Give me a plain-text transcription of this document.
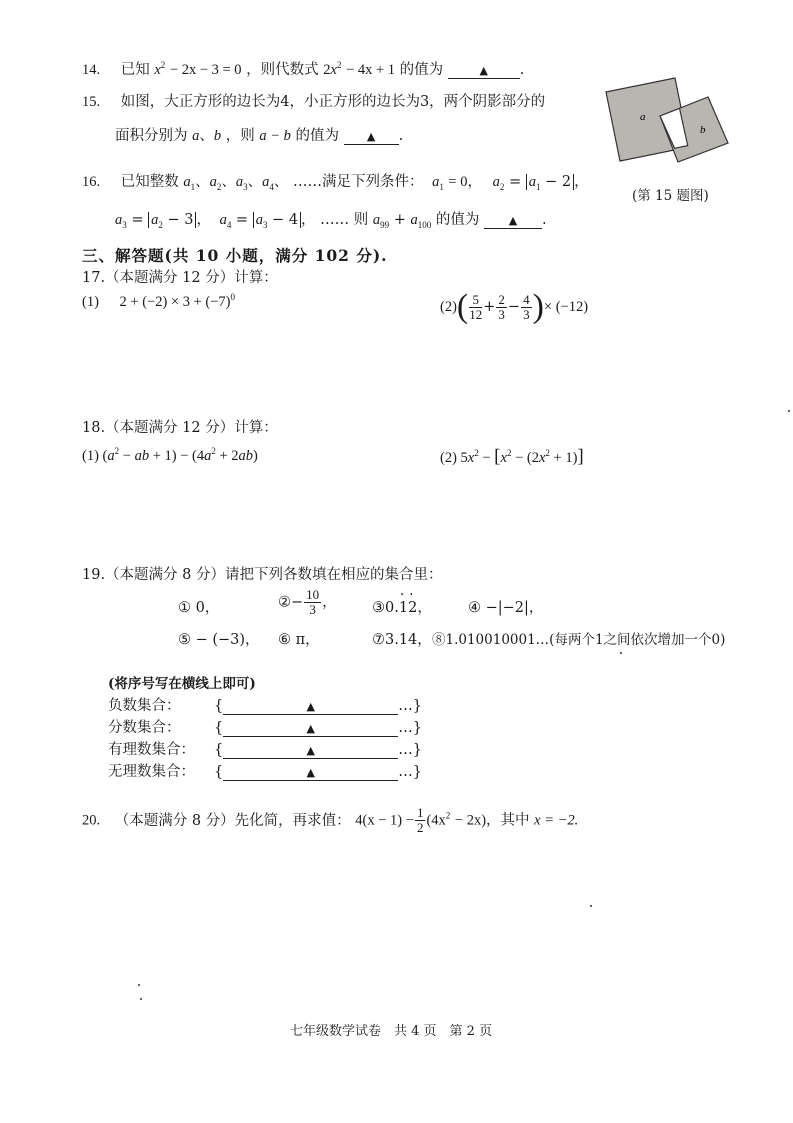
14. 已知 $x^2 - 2x - 3 = 0$ ，则代数式 $2x^2 - 4x + 1$ 的值为	▲ .
15. 如图，大正方形的边长为4，小正方形的边长为3，两个阴影部分的
面积分别为 a、b ，则 a − b 的值为	▲ .
a
b
(第 15 题图)
16. 已知整数 $a_1$、$a_2$、$a_3$、$a_4$、 ……满足下列条件： $a_1 = 0$， $a_2 = a_1 - 2$ ，
$a_3 = a_2 - 3$ ， $a_4 = a_3 - 4$ ， …… 则 $a_{99} + a_{100}$ 的值为	▲ .
三、解答题(共 10 小题，满分 102 分).
17.（本题满分 12 分）计算：
(1) $2 + (-2) \times 3 + (-7)^0$
$(2)( \frac{5}{12} + \frac{2}{3} - \frac{4}{3}$ )× (−12)
18.（本题满分 12 分）计算：
(1) ($a^2$ − ab + $1) - (4a^2 + 2ab)$	(2) $5x^2 - [x^2 - (2x^2 + 1)]$
19.（本题满分 8 分）请把下列各数填在相应的集合里：
① 0，	②− $\frac{10}{3}$ ， ③0.· 1· 2， ④ −|−2|，
⑤ − (−3)， ⑥ π，	⑦3.14， ⑧1.010010001…(每两个1之间依次增加一个0)
(将序号写在横线上即可)
负数集合： {	▲	…}
分数集合： {	▲	…}
有理数集合： {	▲	…}
无理数集合： {	▲	…}
20. （本题满分 8 分）先化简，再求值： $4(x - 1) - \frac{1}{2} (4x^2 - 2x)$，其中 x = −2.
七年级数学试卷　共 4 页　第 2 页
